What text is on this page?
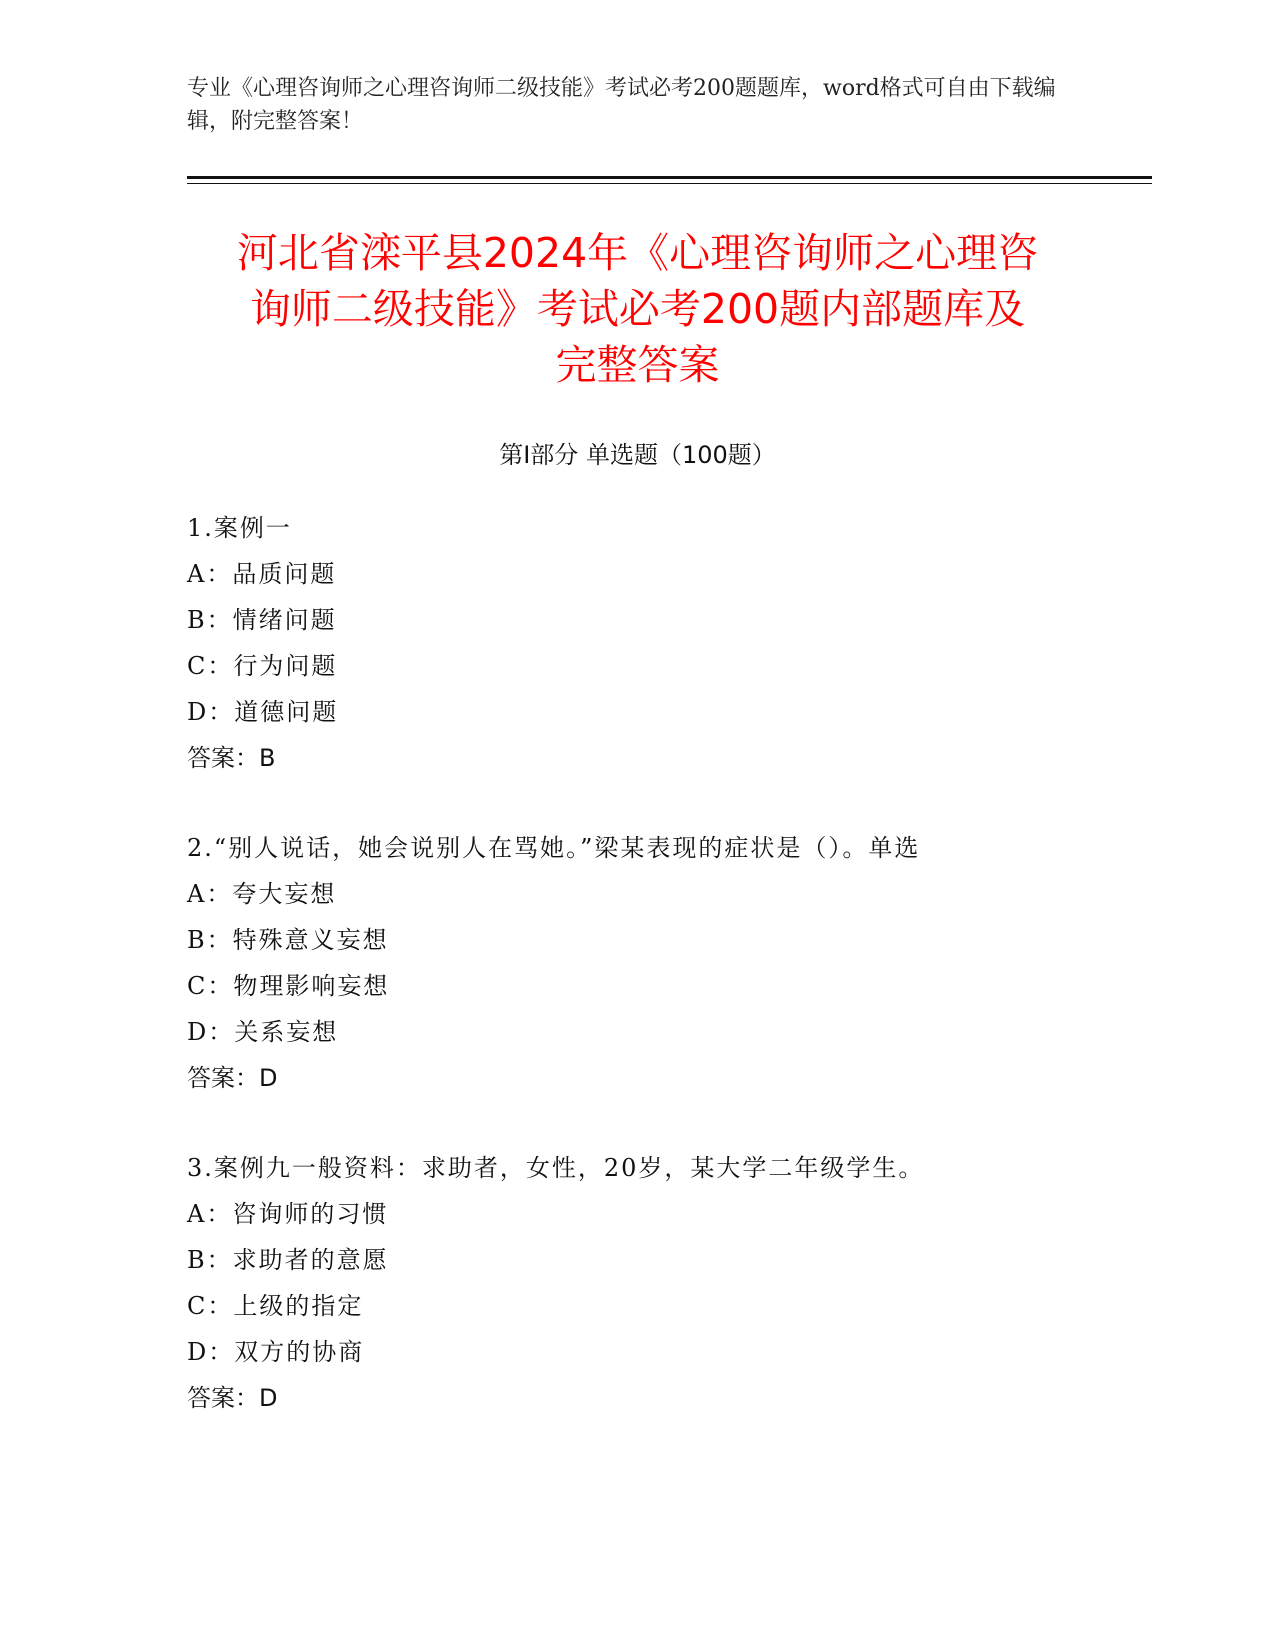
专业《心理咨询师之心理咨询师二级技能》考试必考200题题库，word格式可自由下载编辑，附完整答案！
河北省滦平县2024年《心理咨询师之心理咨
询师二级技能》考试必考200题内部题库及
完整答案
第I部分 单选题（100题）
1.案例一
A：品质问题
B：情绪问题
C：行为问题
D：道德问题
答案：B
2.“别人说话，她会说别人在骂她。”梁某表现的症状是（）。单选
A：夸大妄想
B：特殊意义妄想
C：物理影响妄想
D：关系妄想
答案：D
3.案例九一般资料：求助者，女性，20岁，某大学二年级学生。
A：咨询师的习惯
B：求助者的意愿
C：上级的指定
D：双方的协商
答案：D
